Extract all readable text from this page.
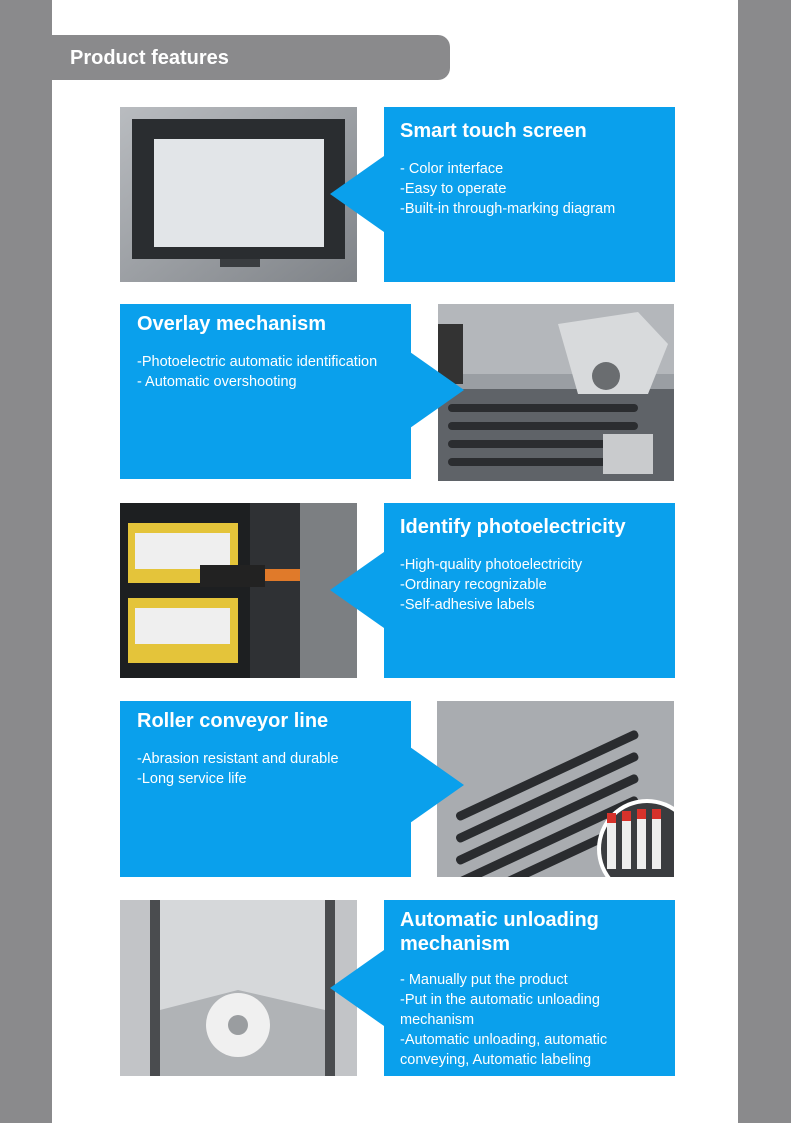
Product features
Smart touch screen
- Color interface
-Easy to operate
-Built-in through-marking diagram
Overlay mechanism
-Photoelectric automatic identification
- Automatic overshooting
Identify photoelectricity
-High-quality photoelectricity
-Ordinary recognizable
-Self-adhesive labels
Roller conveyor line
-Abrasion resistant and durable
-Long service life
Automatic unloading mechanism
- Manually put the product
-Put in the automatic unloading mechanism
-Automatic unloading, automatic conveying, Automatic labeling
